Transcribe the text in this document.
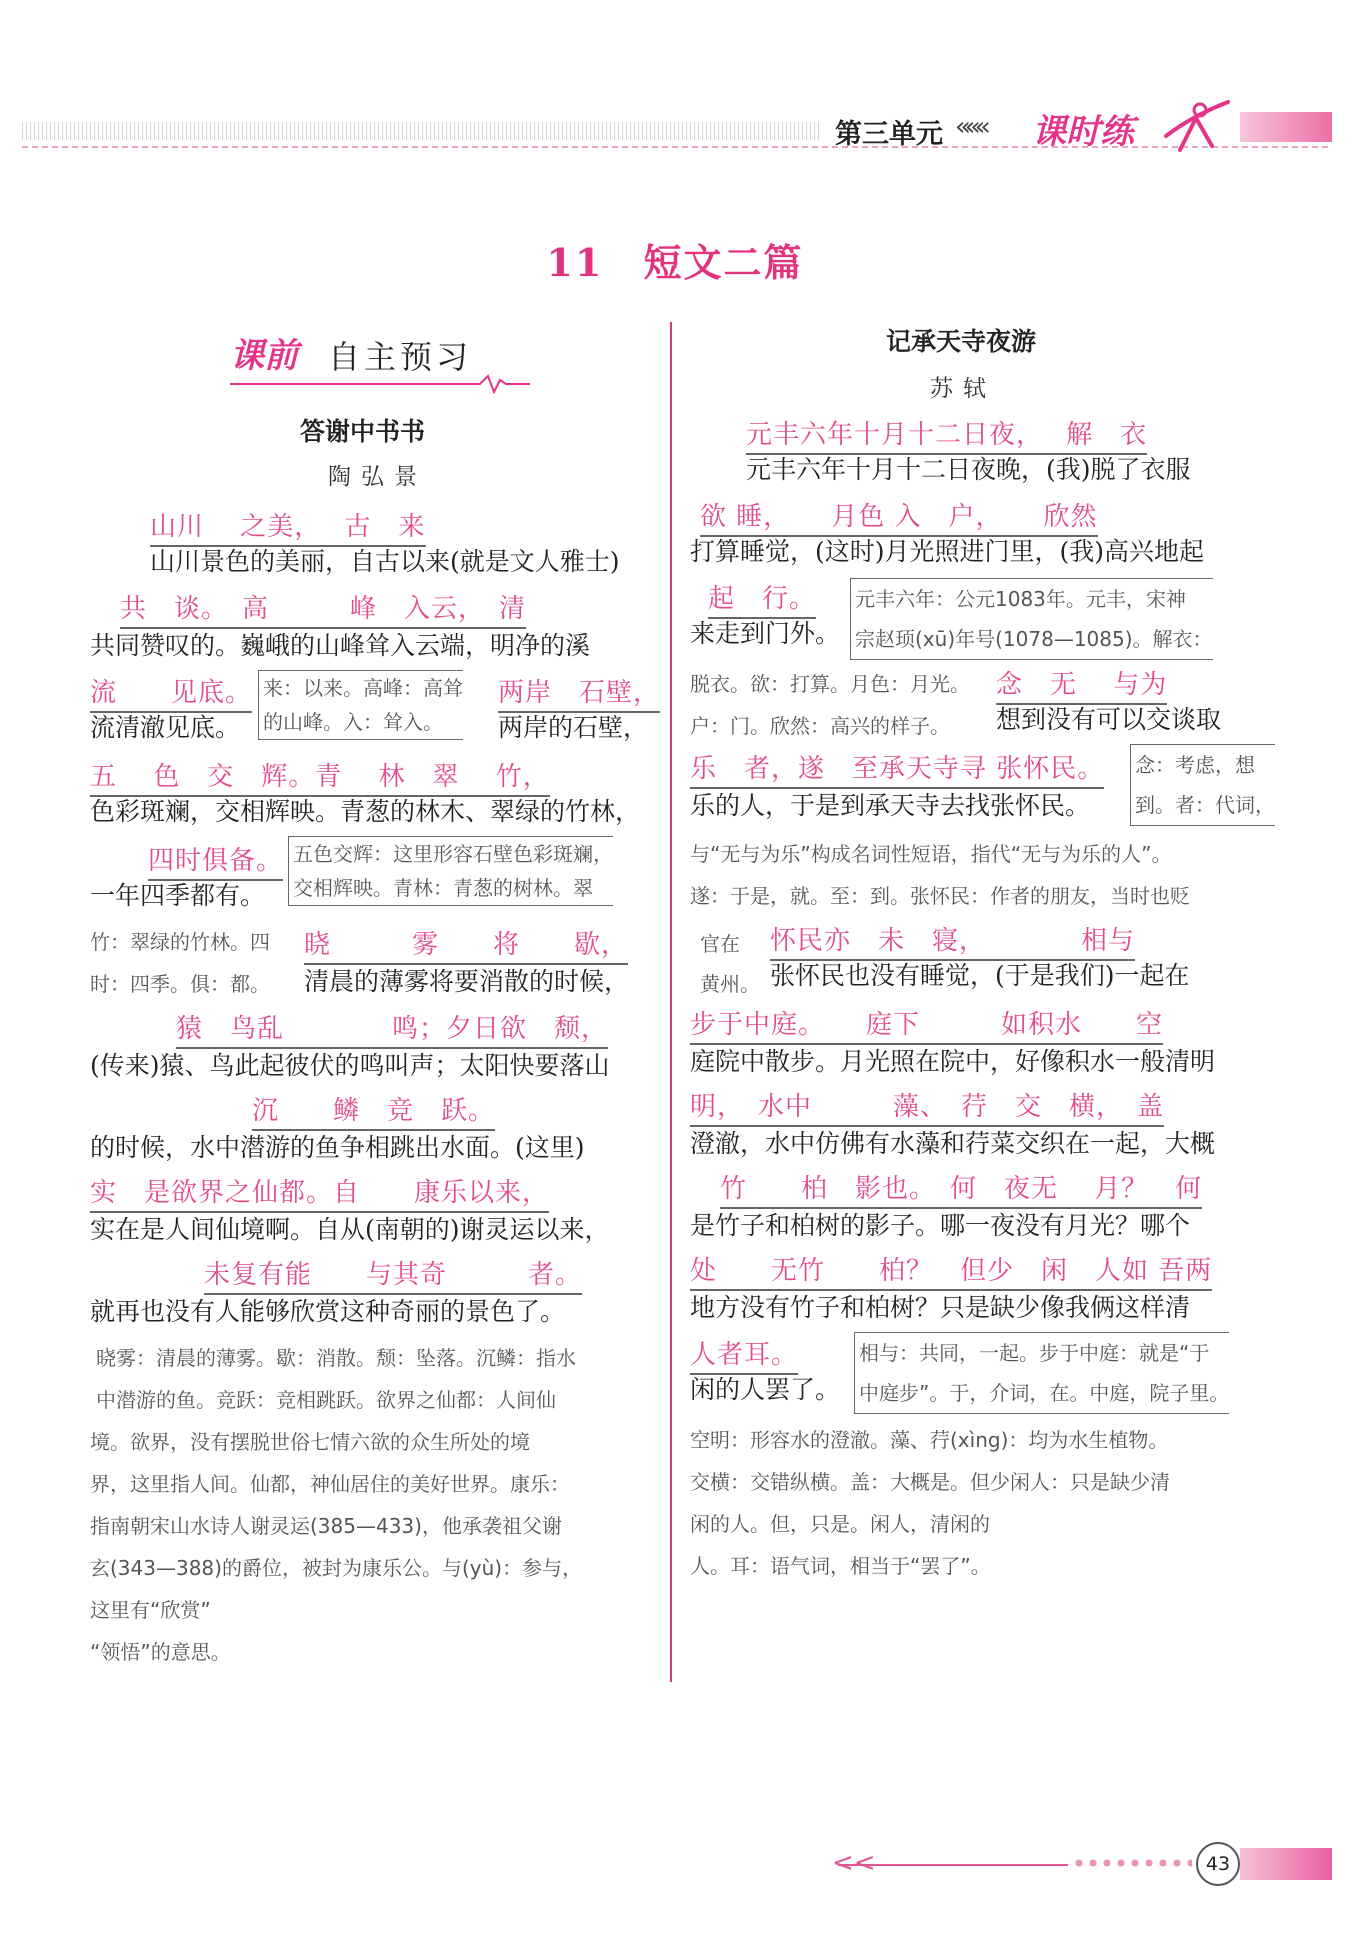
第三单元 ««« 课时练
11 短文二篇
课前 自主预习
答谢中书书
陶弘景
山川　 之美，　 古　来
山川景色的美丽，自古以来(就是文人雅士)
共　谈。　高　　　峰　入云，　清
共同赞叹的。巍峨的山峰耸入云端，明净的溪
流　　见底。
流清澈见底。
来：以来。高峰：高耸
的山峰。入：耸入。
两岸　石壁，
两岸的石壁，
五　 色　交　辉。青　 林　翠　 竹，
色彩斑斓，交相辉映。青葱的林木、翠绿的竹林，
四时俱备。
一年四季都有。
五色交辉：这里形容石壁色彩斑斓，
交相辉映。青林：青葱的树林。翠
竹：翠绿的竹林。四
时：四季。俱：都。
晓　　　雾　　将　　歇，
清晨的薄雾将要消散的时候，
猿　鸟乱　　　　鸣；夕日欲　颓，
(传来)猿、鸟此起彼伏的鸣叫声；太阳快要落山
沉　　鳞　竞　跃。
的时候，水中潜游的鱼争相跳出水面。(这里)
实　是欲界之仙都。自　　康乐以来，
实在是人间仙境啊。自从(南朝的)谢灵运以来，
未复有能　　与其奇　　　者。
就再也没有人能够欣赏这种奇丽的景色了。
晓雾：清晨的薄雾。歇：消散。颓：坠落。沉鳞：指水
中潜游的鱼。竞跃：竞相跳跃。欲界之仙都：人间仙
境。欲界，没有摆脱世俗七情六欲的众生所处的境
界，这里指人间。仙都，神仙居住的美好世界。康乐：
指南朝宋山水诗人谢灵运(385—433)，他承袭祖父谢
玄(343—388)的爵位，被封为康乐公。与(yù)：参与，
这里有“欣赏”
“领悟”的意思。
记承天寺夜游
苏轼
元丰六年十月十二日夜，　 解　衣
元丰六年十月十二日夜晚，(我)脱了衣服
欲 睡，　　月色 入　户，　　欣然
打算睡觉，(这时)月光照进门里，(我)高兴地起
起　行。
来走到门外。
元丰六年：公元1083年。元丰，宋神
宗赵顼(xū)年号(1078—1085)。解衣：
脱衣。欲：打算。月色：月光。
户：门。欣然：高兴的样子。
念　无　 与为
想到没有可以交谈取
乐　者，遂　至承天寺寻 张怀民。
乐的人，于是到承天寺去找张怀民。
念：考虑，想
到。者：代词，
与“无与为乐”构成名词性短语，指代“无与为乐的人”。
遂：于是，就。至：到。张怀民：作者的朋友，当时也贬
官在
黄州。
怀民亦　未　寝，　　　　相与
张怀民也没有睡觉，(于是我们)一起在
步于中庭。　　庭下　　　如积水　　空
庭院中散步。月光照在院中，好像积水一般清明
明，　水中　　　藻、　荇　交　横，　盖
澄澈，水中仿佛有水藻和荇菜交织在一起，大概
竹　　柏　影也。　何　夜无　 月？　何
是竹子和柏树的影子。哪一夜没有月光？哪个
处　　无竹　　柏？　但少　闲　人如 吾两
地方没有竹子和柏树？只是缺少像我俩这样清
人者耳。
闲的人罢了。
相与：共同，一起。步于中庭：就是“于
中庭步”。于，介词，在。中庭，院子里。
空明：形容水的澄澈。藻、荇(xìng)：均为水生植物。
交横：交错纵横。盖：大概是。但少闲人：只是缺少清
闲的人。但，只是。闲人，清闲的
人。耳：语气词，相当于“罢了”。
<<	43
